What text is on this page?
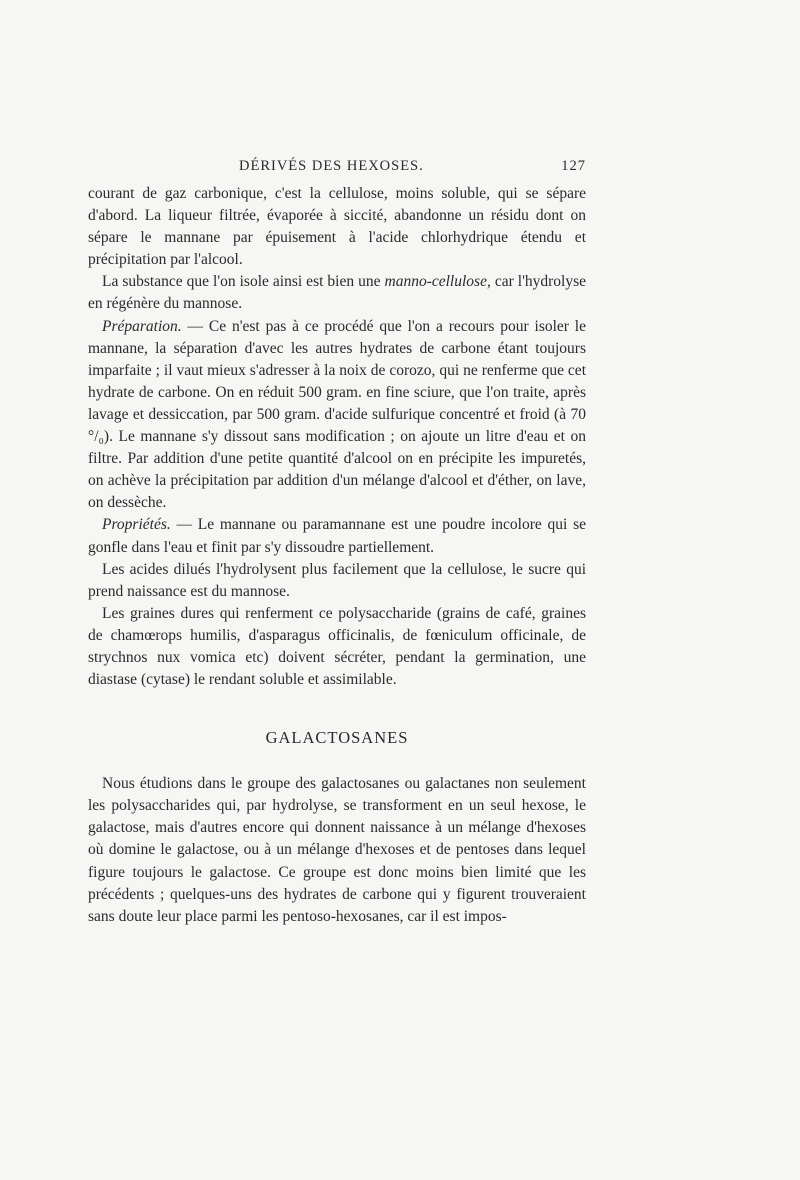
DÉRIVÉS DES HEXOSES.	127

courant de gaz carbonique, c'est la cellulose, moins soluble, qui se sépare d'abord. La liqueur filtrée, évaporée à siccité, abandonne un résidu dont on sépare le mannane par épuisement à l'acide chlorhydrique étendu et précipitation par l'alcool.

La substance que l'on isole ainsi est bien une manno-cellulose, car l'hydrolyse en régénère du mannose.

Préparation. — Ce n'est pas à ce procédé que l'on a recours pour isoler le mannane, la séparation d'avec les autres hydrates de carbone étant toujours imparfaite ; il vaut mieux s'adresser à la noix de corozo, qui ne renferme que cet hydrate de carbone. On en réduit 500 gram. en fine sciure, que l'on traite, après lavage et dessiccation, par 500 gram. d'acide sulfurique concentré et froid (à 70 °/₀). Le mannane s'y dissout sans modification ; on ajoute un litre d'eau et on filtre. Par addition d'une petite quantité d'alcool on en précipite les impuretés, on achève la précipitation par addition d'un mélange d'alcool et d'éther, on lave, on dessèche.

Propriétés. — Le mannane ou paramannane est une poudre incolore qui se gonfle dans l'eau et finit par s'y dissoudre partiellement.

Les acides dilués l'hydrolysent plus facilement que la cellulose, le sucre qui prend naissance est du mannose.

Les graines dures qui renferment ce polysaccharide (grains de café, graines de chamœrops humilis, d'asparagus officinalis, de fœniculum officinale, de strychnos nux vomica etc) doivent sécréter, pendant la germination, une diastase (cytase) le rendant soluble et assimilable.

GALACTOSANES

Nous étudions dans le groupe des galactosanes ou galactanes non seulement les polysaccharides qui, par hydrolyse, se transforment en un seul hexose, le galactose, mais d'autres encore qui donnent naissance à un mélange d'hexoses où domine le galactose, ou à un mélange d'hexoses et de pentoses dans lequel figure toujours le galactose. Ce groupe est donc moins bien limité que les précédents ; quelques-uns des hydrates de carbone qui y figurent trouveraient sans doute leur place parmi les pentoso-hexosanes, car il est impos-
